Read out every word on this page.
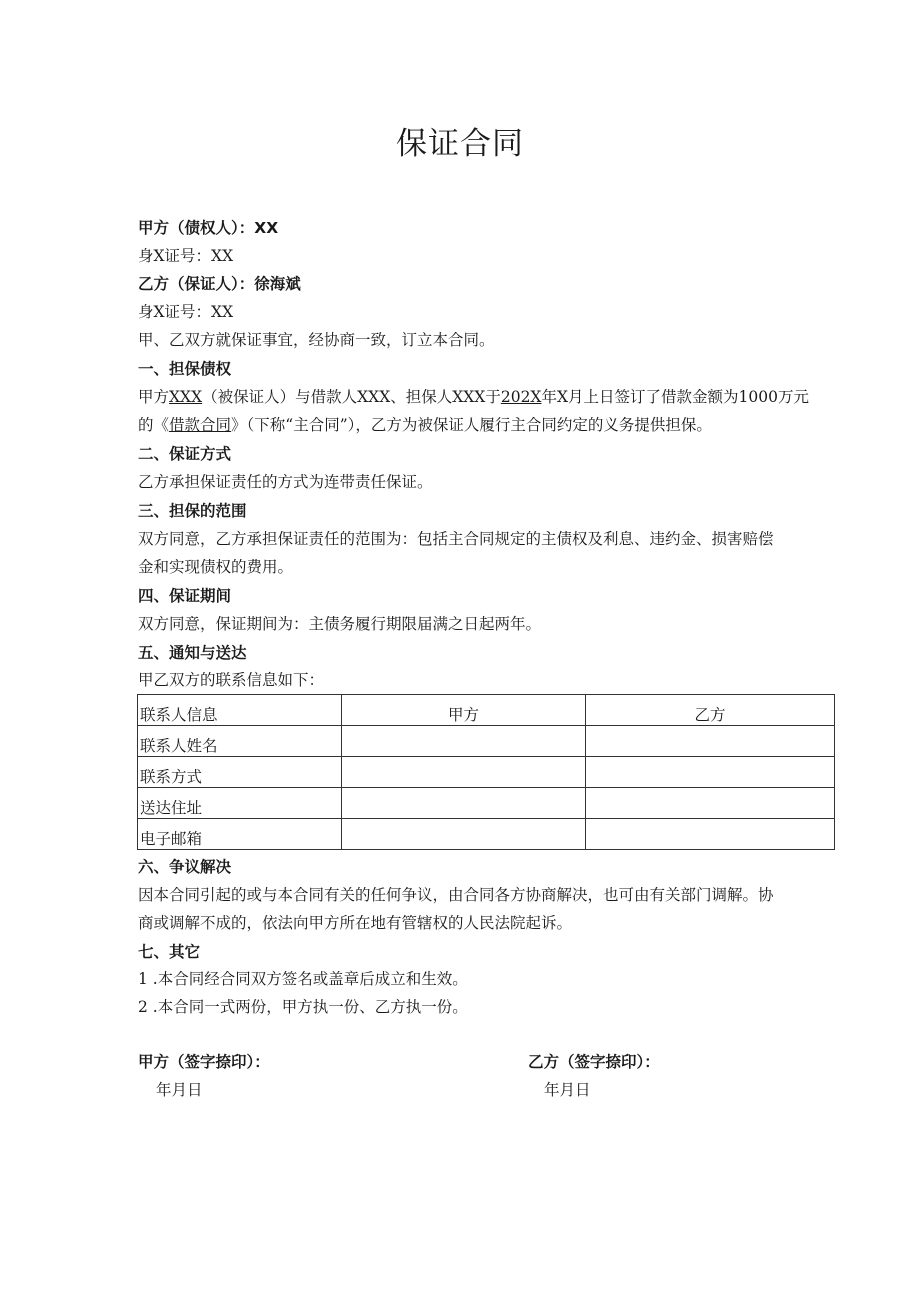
保证合同
甲方（债权人）：XX
身X证号：XX
乙方（保证人）：徐海斌
身X证号：XX
甲、乙双方就保证事宜，经协商一致，订立本合同。
一、担保债权
甲方XXX（被保证人）与借款人XXX、担保人XXX于202X年X月上日签订了借款金额为1000万元
的《借款合同》（下称“主合同”），乙方为被保证人履行主合同约定的义务提供担保。
二、保证方式
乙方承担保证责任的方式为连带责任保证。
三、担保的范围
双方同意，乙方承担保证责任的范围为：包括主合同规定的主债权及利息、违约金、损害赔偿
金和实现债权的费用。
四、保证期间
双方同意，保证期间为：主债务履行期限届满之日起两年。
五、通知与送达
甲乙双方的联系信息如下：
联系人信息	甲方	乙方
联系人姓名		
联系方式		
送达住址		
电子邮箱		
六、争议解决
因本合同引起的或与本合同有关的任何争议，由合同各方协商解决，也可由有关部门调解。协
商或调解不成的，依法向甲方所在地有管辖权的人民法院起诉。
七、其它
1 .本合同经合同双方签名或盖章后成立和生效。
2 .本合同一式两份，甲方执一份、乙方执一份。
甲方（签字捺印）：
年月日
乙方（签字捺印）：
年月日
